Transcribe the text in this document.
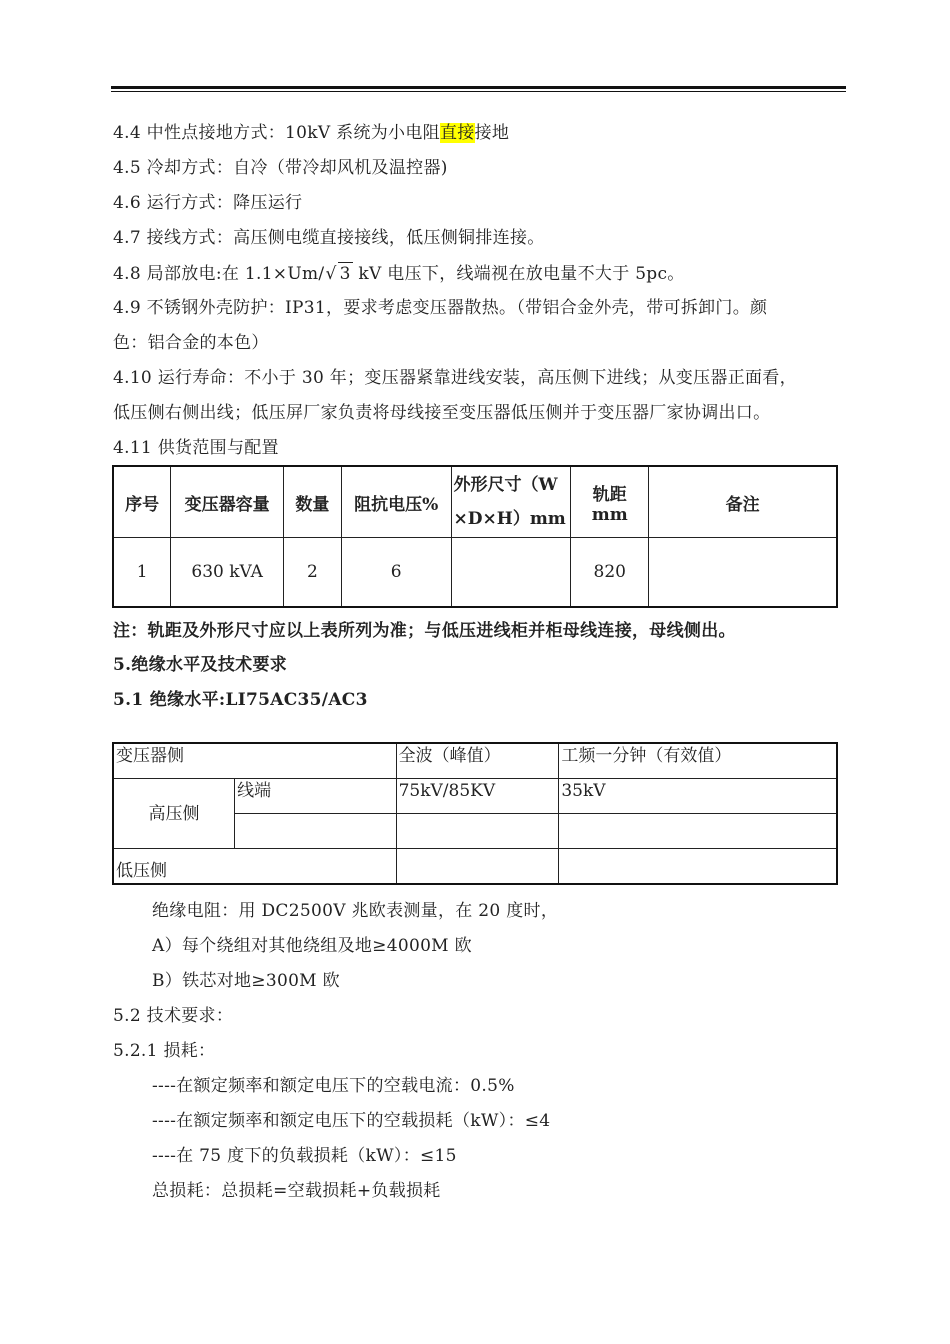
4.4 中性点接地方式：10kV 系统为小电阻直接接地
4.5 冷却方式：自冷（带冷却风机及温控器)
4.6 运行方式：降压运行
4.7 接线方式：高压侧电缆直接接线，低压侧铜排连接。
4.8 局部放电:在 1.1×Um/√ 3 kV 电压下，线端视在放电量不大于 5pc。
4.9 不锈钢外壳防护：IP31，要求考虑变压器散热。（带铝合金外壳，带可拆卸门。颜
色：铝合金的本色）
4.10 运行寿命：不小于 30 年；变压器紧靠进线安装，高压侧下进线；从变压器正面看，
低压侧右侧出线；低压屏厂家负责将母线接至变压器低压侧并于变压器厂家协调出口。
4.11 供货范围与配置
序号	变压器容量	数量	阻抗电压%	外形尺寸（W
×D×H）mm	轨距 mm	备注
1	630 kVA	2	6		820	
注：轨距及外形尺寸应以上表所列为准；与低压进线柜并柜母线连接，母线侧出。
5.绝缘水平及技术要求
5.1 绝缘水平:LI75AC35/AC3
变压器侧		全波（峰值）	工频一分钟（有效值）
高压侧	线端	75kV/85KV	35kV

低压侧			
绝缘电阻：用 DC2500V 兆欧表测量，在 20 度时，
A）每个绕组对其他绕组及地≥4000M 欧
B）铁芯对地≥300M 欧
5.2 技术要求：
5.2.1 损耗：
----在额定频率和额定电压下的空载电流：0.5%
----在额定频率和额定电压下的空载损耗（kW）：≤4
----在 75 度下的负载损耗（kW）：≤15
总损耗：总损耗=空载损耗+负载损耗
